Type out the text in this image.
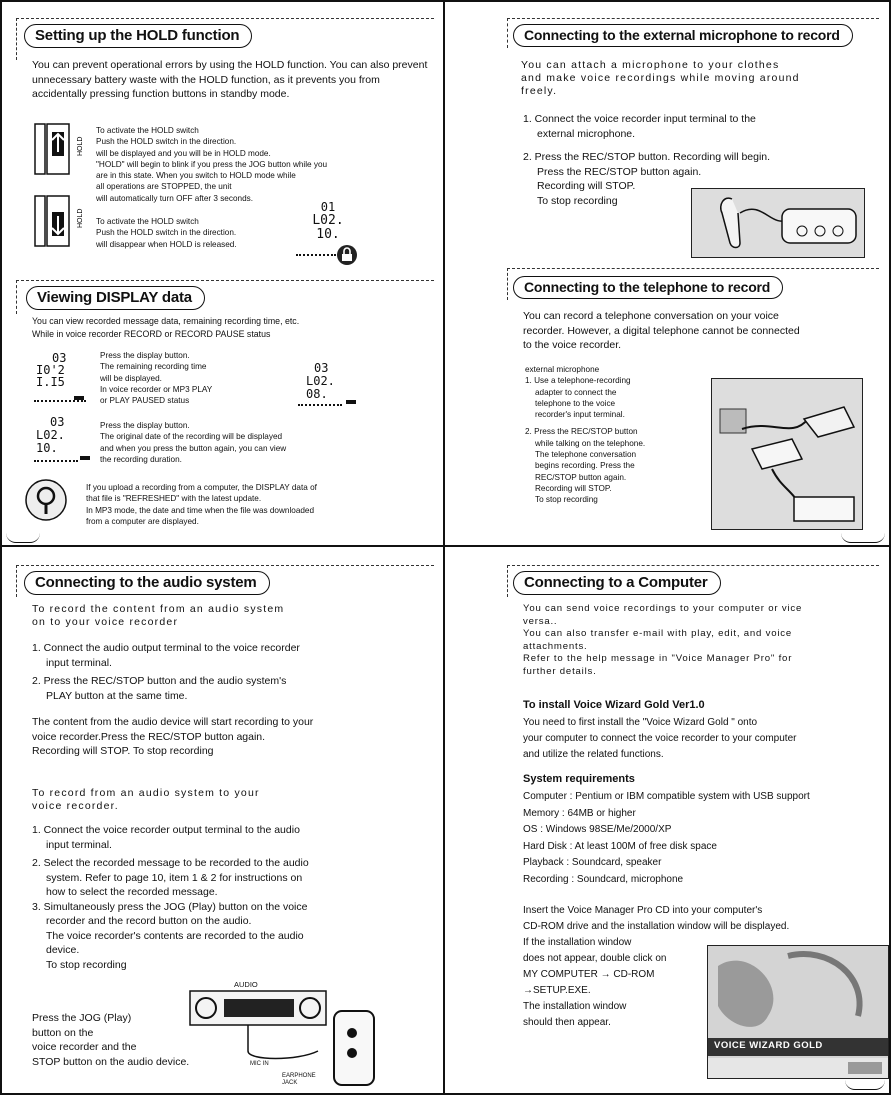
Setting up the HOLD function
You can prevent operational errors by using the HOLD function. You can also prevent unnecessary battery waste with the HOLD function, as it prevents you from accidentally pressing function buttons in standby mode.
HOLD

To activate the HOLD switch

Push the HOLD switch in the direction.

will be displayed and you will be in HOLD mode.

"HOLD" will begin to blink if you press the JOG button while you

are in this state. When you switch to HOLD mode while

all operations are STOPPED, the unit

will automatically turn OFF after 3 seconds.

HOLD To activate the HOLD switch

Push the HOLD switch in the direction.

will disappear when HOLD is released.

01

L02. 10.

Viewing DISPLAY data

You can view recorded message data, remaining recording time, etc.

While in voice recorder RECORD or RECORD PAUSE status

03

I0'2 I.I5

Press the display button.

The remaining recording time

will be displayed.

In voice recorder or MP3 PLAY

or PLAY PAUSED status

03

L02. 08.

03

L02. 10.

Press the display button.

The original date of the recording will be displayed

and when you press the button again, you can view

the recording duration.

If you upload a recording from a computer, the DISPLAY data of

that file is "REFRESHED" with the latest update.

In MP3 mode, the date and time when the file was downloaded

from a computer are displayed.

Connecting to the external microphone to record

You can attach a microphone to your clothes

and make voice recordings while moving around

freely.

1. Connect the voice recorder input terminal to the

external microphone.

2. Press the REC/STOP button. Recording will begin.

Press the REC/STOP button again.

Recording will STOP.

To stop recording

Connecting to the telephone to record

You can record a telephone conversation on your voice

recorder. However, a digital telephone cannot be connected

to the voice recorder.

external microphone

1. Use a telephone-recording

adapter to connect the

telephone to the voice

recorder's input terminal.

2. Press the REC/STOP button

while talking on the telephone.

The telephone conversation

begins recording. Press the

REC/STOP button again.

Recording will STOP.

To stop recording

Connecting to the audio system

To record the content from an audio system

on to your voice recorder

1. Connect the audio output terminal to the voice recorder

input terminal.

2. Press the REC/STOP button and the audio system's

PLAY button at the same time.

The content from the audio device will start recording to your

voice recorder.Press the REC/STOP button again.

Recording will STOP. To stop recording

To record from an audio system to your

voice recorder.

1. Connect the voice recorder output terminal to the audio

input terminal.

2. Select the recorded message to be recorded to the audio

system. Refer to page 10, item 1 & 2 for instructions on

how to select the recorded message.

3. Simultaneously press the JOG (Play) button on the voice

recorder and the record button on the audio.

The voice recorder's contents are recorded to the audio

device.

To stop recording

Press the JOG (Play)

button on the

voice recorder and the

STOP button on the audio device.

AUDIO
MIC IN
EARPHONE JACK
Connecting to a Computer

You can send voice recordings to your computer or vice

versa..

You can also transfer e-mail with play, edit, and voice

attachments.

Refer to the help message in "Voice Manager Pro" for

further details.

To install Voice Wizard Gold Ver1.0

You need to first install the "Voice Wizard Gold " onto

your computer to connect the voice recorder to your computer

and utilize the related functions.

System requirements

Computer : Pentium or IBM compatible system with USB support

Memory : 64MB or higher

OS : Windows 98SE/Me/2000/XP

Hard Disk : At least 100M of free disk space

Playback : Soundcard, speaker

Recording : Soundcard, microphone

Insert the Voice Manager Pro CD into your computer's

CD-ROM drive and the installation window will be displayed.

If the installation window

does not appear, double click on

MY COMPUTER → CD-ROM

→SETUP.EXE.

The installation window

should then appear.

VOICE WIZARD GOLD
